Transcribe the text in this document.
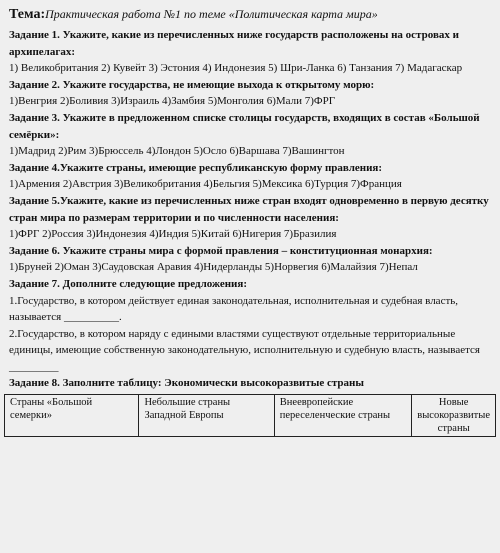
Тема:Практическая работа №1 по теме «Политическая карта мира»

Задание 1. Укажите, какие из перечисленных ниже государств расположены на островах и архипелагах:

1) Великобритания 2) Кувейт 3) Эстония 4) Индонезия 5) Шри-Ланка 6) Танзания 7) Мадагаскар

Задание 2. Укажите государства, не имеющие выхода к открытому морю:

1)Венгрия 2)Боливия 3)Израиль 4)Замбия 5)Монголия 6)Мали 7)ФРГ

Задание 3. Укажите в предложенном списке столицы государств, входящих в состав «Большой семёрки»:

1)Мадрид 2)Рим 3)Брюссель 4)Лондон 5)Осло 6)Варшава 7)Вашингтон

Задание 4.Укажите страны, имеющие республиканскую форму правления:

1)Армения 2)Австрия 3)Великобритания 4)Бельгия 5)Мексика 6)Турция 7)Франция

Задание 5.Укажите, какие из перечисленных ниже стран входят одновременно в первую десятку стран мира по размерам территории и по численности населения:

1)ФРГ 2)Россия 3)Индонезия 4)Индия 5)Китай 6)Нигерия 7)Бразилия

Задание 6. Укажите страны мира с формой правления – конституционная монархия:

1)Бруней 2)Оман 3)Саудовская Аравия 4)Нидерланды 5)Норвегия 6)Малайзия 7)Непал

Задание 7. Дополните следующие предложения:

1.Государство, в котором действует единая законодательная, исполнительная и судебная власть, называется __________.

2.Государство, в котором наряду с едиными властями существуют отдельные территориальные единицы, имеющие собственную законодательную, исполнительную и судебную власть, называется _________

Задание 8. Заполните таблицу: Экономически высокоразвитые страны

Страны «Большой семерки»	Небольшие страны Западной Европы	Внеевропейские переселенческие страны	Новые высокоразвитые страны
